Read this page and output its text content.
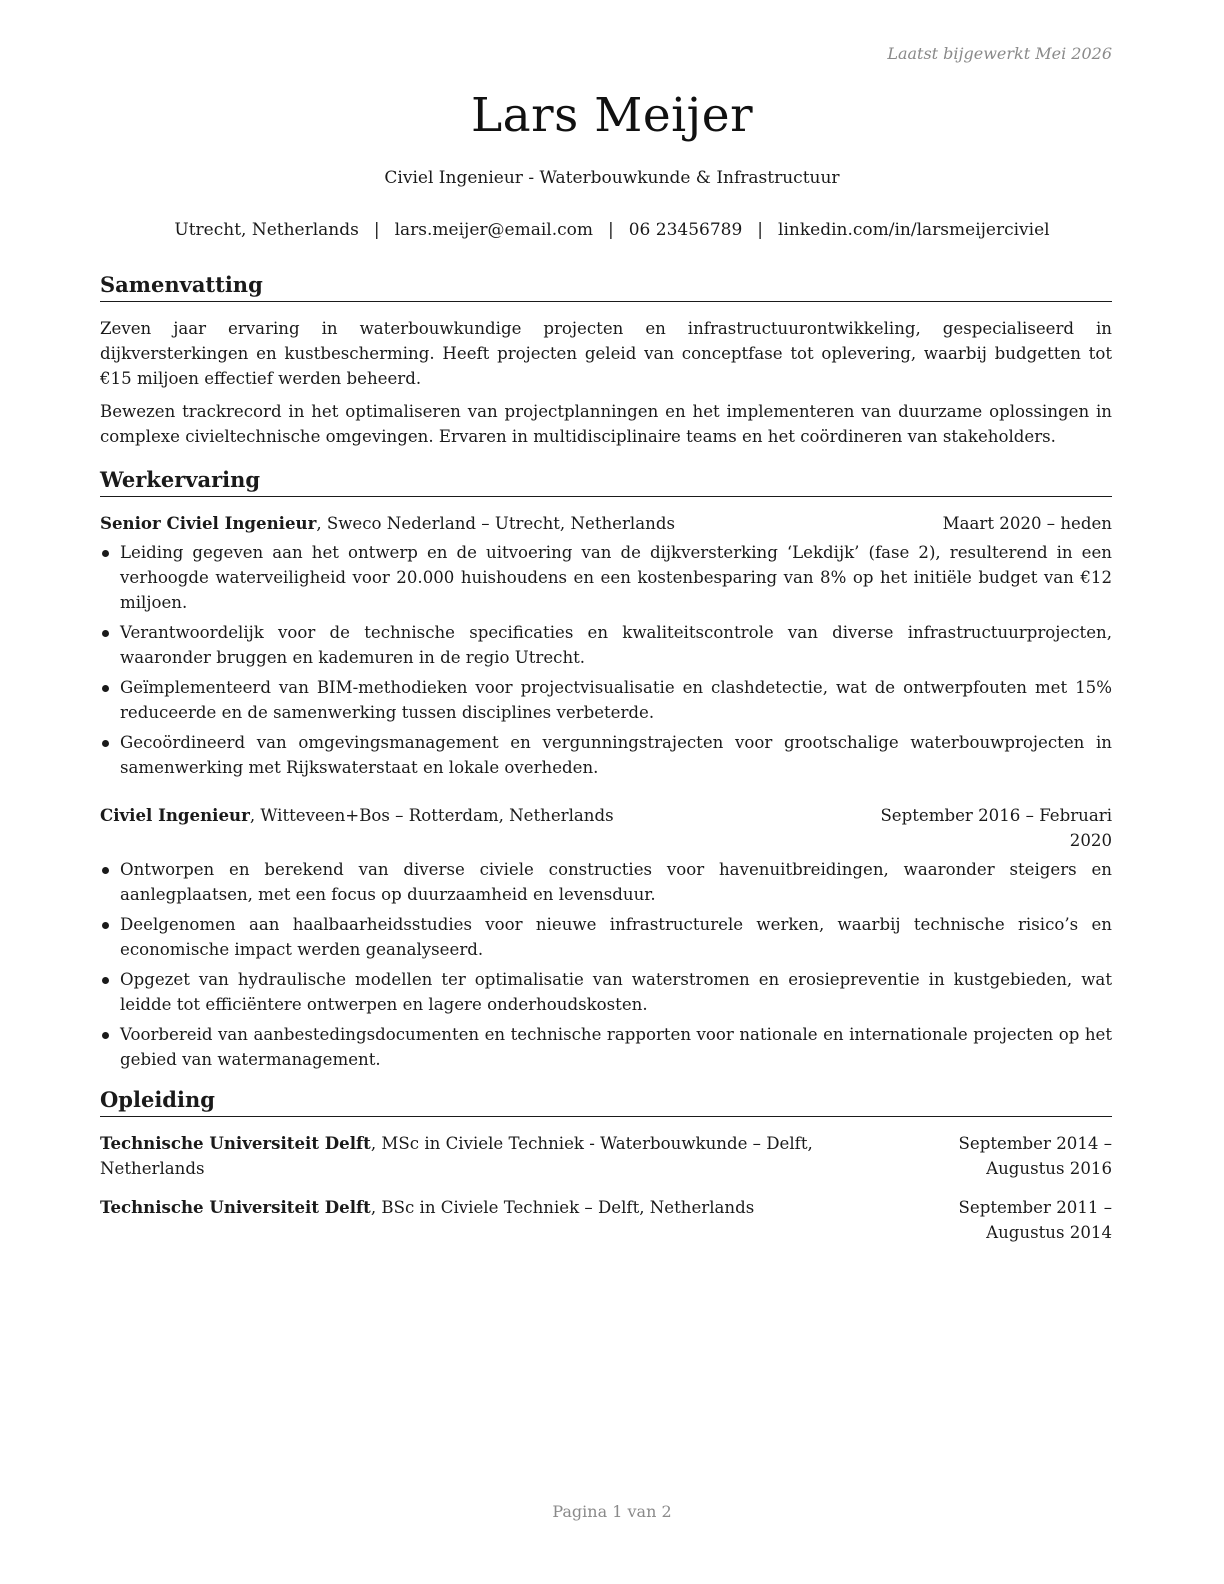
Laatst bijgewerkt Mei 2026
Lars Meijer
Civiel Ingenieur - Waterbouwkunde & Infrastructuur
Utrecht, Netherlands | lars.meijer@email.com | 06 23456789 | linkedin.com/in/larsmeijerciviel
Samenvatting

Zeven jaar ervaring in waterbouwkundige projecten en infrastructuurontwikkeling, gespecialiseerd in dijkversterkingen en kustbescherming. Heeft projecten geleid van conceptfase tot oplevering, waarbij budgetten tot €15 miljoen effectief werden beheerd.

Bewezen trackrecord in het optimaliseren van projectplanningen en het implementeren van duurzame oplossingen in complexe civieltechnische omgevingen. Ervaren in multidisciplinaire teams en het coördineren van stakeholders.

Werkervaring
Senior Civiel Ingenieur, Sweco Nederland – Utrecht, Netherlands	Maart 2020 – heden
Leiding gegeven aan het ontwerp en de uitvoering van de dijkversterking ‘Lekdijk’ (fase 2), resulterend in een verhoogde waterveiligheid voor 20.000 huishoudens en een kostenbesparing van 8% op het initiële budget van €12 miljoen.
Verantwoordelijk voor de technische specificaties en kwaliteitscontrole van diverse infrastructuurprojecten, waaronder bruggen en kademuren in de regio Utrecht.
Geïmplementeerd van BIM-methodieken voor projectvisualisatie en clashdetectie, wat de ontwerpfouten met 15% reduceerde en de samenwerking tussen disciplines verbeterde.
Gecoördineerd van omgevingsmanagement en vergunningstrajecten voor grootschalige waterbouwprojecten in samenwerking met Rijkswaterstaat en lokale overheden.
Civiel Ingenieur, Witteveen+Bos – Rotterdam, Netherlands	September 2016 – Februari 2020
Ontworpen en berekend van diverse civiele constructies voor havenuitbreidingen, waaronder steigers en aanlegplaatsen, met een focus op duurzaamheid en levensduur.
Deelgenomen aan haalbaarheidsstudies voor nieuwe infrastructurele werken, waarbij technische risico’s en economische impact werden geanalyseerd.
Opgezet van hydraulische modellen ter optimalisatie van waterstromen en erosiepreventie in kustgebieden, wat leidde tot efficiëntere ontwerpen en lagere onderhoudskosten.
Voorbereid van aanbestedingsdocumenten en technische rapporten voor nationale en internationale projecten op het gebied van watermanagement.
Opleiding
Technische Universiteit Delft, MSc in Civiele Techniek - Waterbouwkunde – Delft, Netherlands
September 2014 – Augustus 2016
Technische Universiteit Delft, BSc in Civiele Techniek – Delft, Netherlands	September 2011 – Augustus 2014
Pagina 1 van 2
